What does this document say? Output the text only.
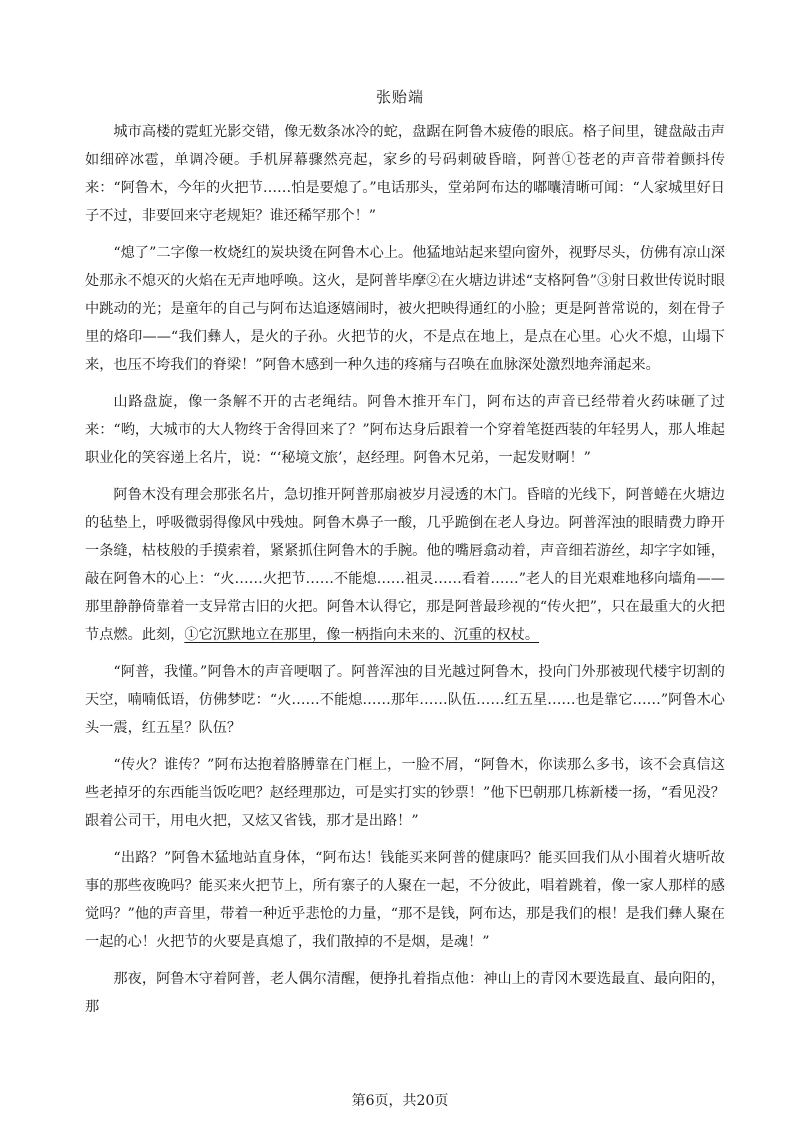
张贻端

城市高楼的霓虹光影交错，像无数条冰冷的蛇，盘踞在阿鲁木疲倦的眼底。格子间里，键盘敲击声如细碎冰雹，单调冷硬。手机屏幕骤然亮起，家乡的号码刺破昏暗，阿普①苍老的声音带着颤抖传来：“阿鲁木，今年的火把节……怕是要熄了。”电话那头，堂弟阿布达的嘟囔清晰可闻：“人家城里好日子不过，非要回来守老规矩？谁还稀罕那个！”

“熄了”二字像一枚烧红的炭块烫在阿鲁木心上。他猛地站起来望向窗外，视野尽头，仿佛有凉山深处那永不熄灭的火焰在无声地呼唤。这火，是阿普毕摩②在火塘边讲述“支格阿鲁”③射日救世传说时眼中跳动的光；是童年的自己与阿布达追逐嬉闹时，被火把映得通红的小脸；更是阿普常说的，刻在骨子里的烙印——“我们彝人，是火的子孙。火把节的火，不是点在地上，是点在心里。心火不熄，山塌下来，也压不垮我们的脊梁！”阿鲁木感到一种久违的疼痛与召唤在血脉深处激烈地奔涌起来。

山路盘旋，像一条解不开的古老绳结。阿鲁木推开车门，阿布达的声音已经带着火药味砸了过来：“哟，大城市的大人物终于舍得回来了？”阿布达身后跟着一个穿着笔挺西装的年轻男人，那人堆起职业化的笑容递上名片，说：“‘秘境文旅’，赵经理。阿鲁木兄弟，一起发财啊！”

阿鲁木没有理会那张名片，急切推开阿普那扇被岁月浸透的木门。昏暗的光线下，阿普蜷在火塘边的毡垫上，呼吸微弱得像风中残烛。阿鲁木鼻子一酸，几乎跪倒在老人身边。阿普浑浊的眼睛费力睁开一条缝，枯枝般的手摸索着，紧紧抓住阿鲁木的手腕。他的嘴唇翕动着，声音细若游丝，却字字如锤，敲在阿鲁木的心上：“火……火把节……不能熄……祖灵……看着……”老人的目光艰难地移向墙角——那里静静倚靠着一支异常古旧的火把。阿鲁木认得它，那是阿普最珍视的“传火把”，只在最重大的火把节点燃。此刻，①它沉默地立在那里，像一柄指向未来的、沉重的权杖。

“阿普，我懂。”阿鲁木的声音哽咽了。阿普浑浊的目光越过阿鲁木，投向门外那被现代楼宇切割的天空，喃喃低语，仿佛梦呓：“火……不能熄……那年……队伍……红五星……也是靠它……”阿鲁木心头一震，红五星？队伍？

“传火？谁传？”阿布达抱着胳膊靠在门框上，一脸不屑，“阿鲁木，你读那么多书，该不会真信这些老掉牙的东西能当饭吃吧？赵经理那边，可是实打实的钞票！”他下巴朝那几栋新楼一扬，“看见没？跟着公司干，用电火把，又炫又省钱，那才是出路！”

“出路？”阿鲁木猛地站直身体，“阿布达！钱能买来阿普的健康吗？能买回我们从小围着火塘听故事的那些夜晚吗？能买来火把节上，所有寨子的人聚在一起，不分彼此，唱着跳着，像一家人那样的感觉吗？”他的声音里，带着一种近乎悲怆的力量，“那不是钱，阿布达，那是我们的根！是我们彝人聚在一起的心！火把节的火要是真熄了，我们散掉的不是烟，是魂！”

那夜，阿鲁木守着阿普，老人偶尔清醒，便挣扎着指点他：神山上的青冈木要选最直、最向阳的，那

第6页，共20页
